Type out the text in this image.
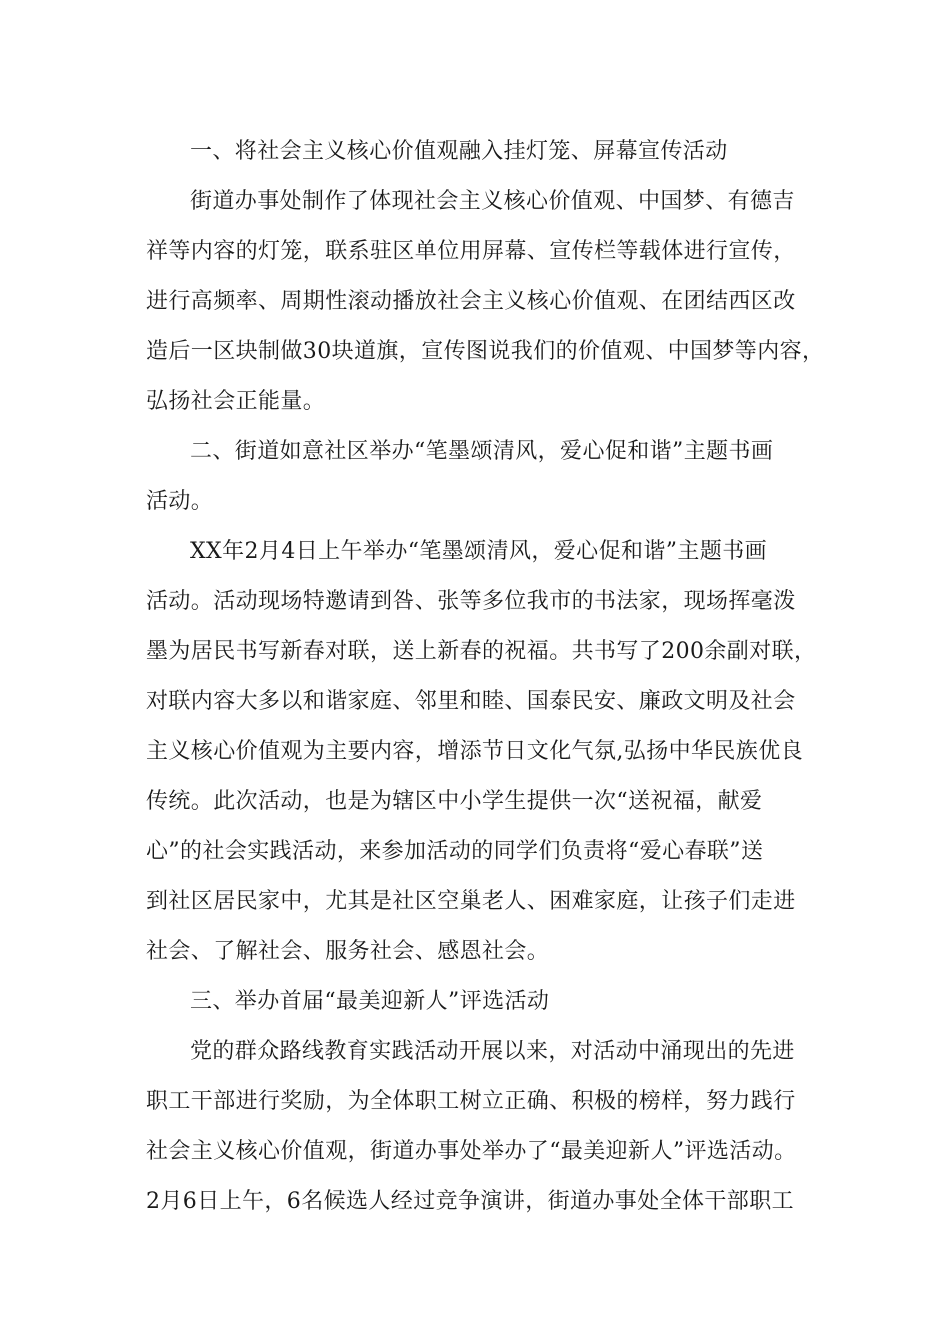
一、将社会主义核心价值观融入挂灯笼、屏幕宣传活动

街道办事处制作了体现社会主义核心价值观、中国梦、有德吉

祥等内容的灯笼，联系驻区单位用屏幕、宣传栏等载体进行宣传，

进行高频率、周期性滚动播放社会主义核心价值观、在团结西区改

造后一区块制做30块道旗，宣传图说我们的价值观、中国梦等内容，

弘扬社会正能量。

二、街道如意社区举办“笔墨颂清风，爱心促和谐”主题书画

活动。

XX年2月4日上午举办“笔墨颂清风，爱心促和谐”主题书画

活动。活动现场特邀请到咎、张等多位我市的书法家，现场挥毫泼

墨为居民书写新春对联，送上新春的祝福。共书写了200余副对联，

对联内容大多以和谐家庭、邻里和睦、国泰民安、廉政文明及社会

主义核心价值观为主要内容，增添节日文化气氛,弘扬中华民族优良

传统。此次活动，也是为辖区中小学生提供一次“送祝福，献爱

心”的社会实践活动，来参加活动的同学们负责将“爱心春联”送

到社区居民家中，尤其是社区空巢老人、困难家庭，让孩子们走进

社会、了解社会、服务社会、感恩社会。

三、举办首届“最美迎新人”评选活动

党的群众路线教育实践活动开展以来，对活动中涌现出的先进

职工干部进行奖励，为全体职工树立正确、积极的榜样，努力践行

社会主义核心价值观，街道办事处举办了“最美迎新人”评选活动。

2月6日上午，6名候选人经过竞争演讲，街道办事处全体干部职工
